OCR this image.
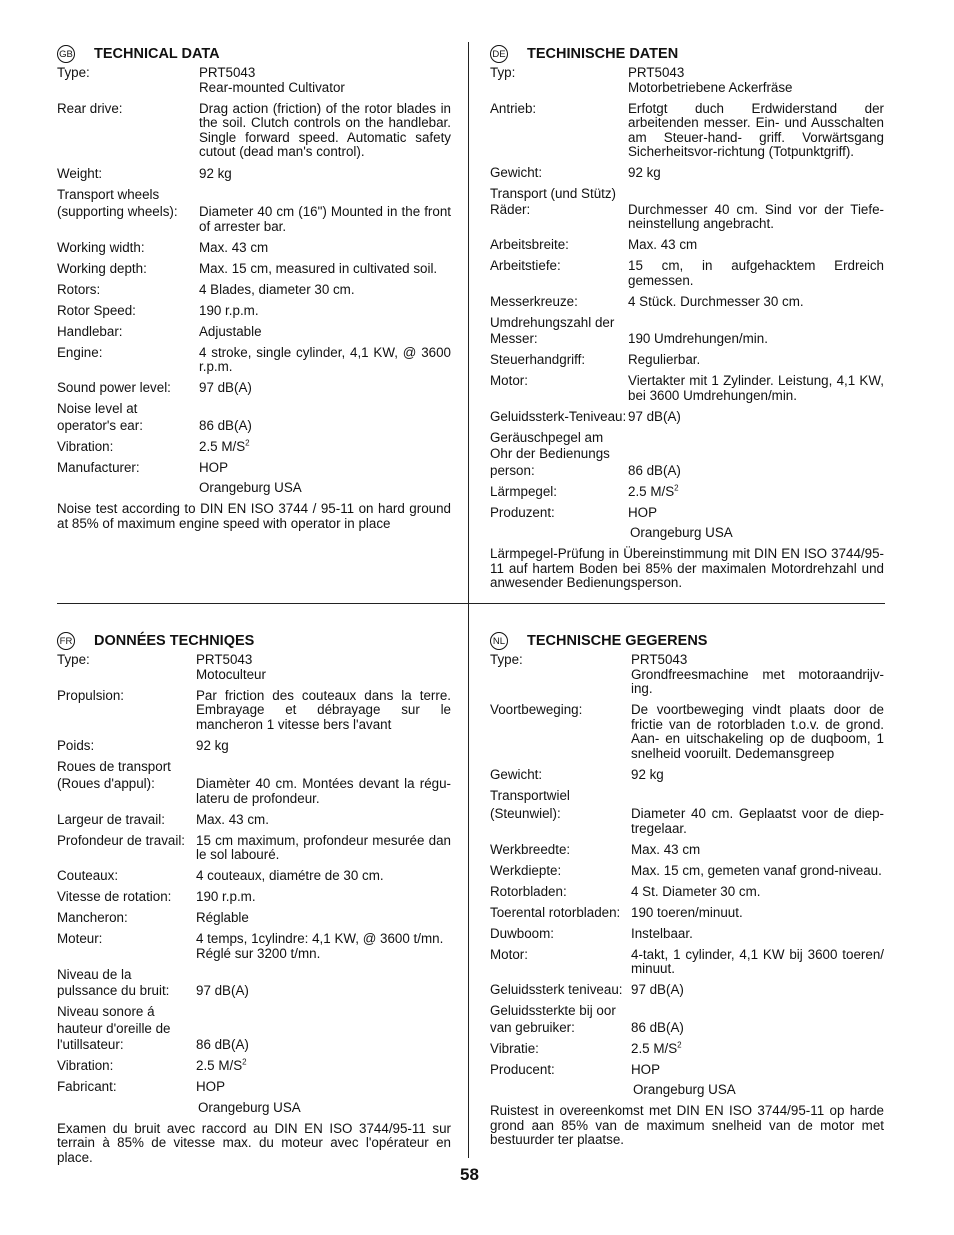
GB TECHNICAL DATA
Type:	PRT5043
Rear-mounted Cultivator
Rear drive:	Drag action (friction) of the rotor blades in the soil. Clutch controls on the handlebar. Single forward speed. Automatic safety cutout (dead man's control).
Weight:	92 kg
Transport wheels
(supporting wheels):	Diameter 40 cm (16") Mounted in the front of arrester bar.
Working width:	Max. 43 cm
Working depth:	Max. 15 cm, measured in cultivated soil.
Rotors:	4 Blades, diameter 30 cm.
Rotor Speed:	190 r.p.m.
Handlebar:	Adjustable
Engine:	4 stroke, single cylinder, 4,1 KW, @ 3600 r.p.m.
Sound power level:	97 dB(A)
Noise level at
operator's ear:	86 dB(A)
Vibration:	2.5 $M/S^2$
Manufacturer:	HOP
Orangeburg USA
Noise test according to DIN EN ISO 3744 / 95-11 on hard ground at 85% of maximum engine speed with operator in place
DE TECHINISCHE DATEN
Typ:	PRT5043
Motorbetriebene Ackerfräse
Antrieb:	Erfotgt duch Erdwiderstand der arbeitenden messer. Ein- und Ausschalten am Steuer-hand- griff. Vorwärtsgang Sicherheitsvor-richtung (Totpunktgriff).
Gewicht:	92 kg
Transport (und Stütz)
Räder:	Durchmesser 40 cm. Sind vor der Tiefe-neinstellung angebracht.
Arbeitsbreite:	Max. 43 cm
Arbeitstiefe:	15 cm, in aufgehacktem Erdreich gemessen.
Messerkreuze:	4 Stück. Durchmesser 30 cm.
Umdrehungszahl der
Messer:	190 Umdrehungen/min.
Steuerhandgriff:	Regulierbar.
Motor:	Viertakter mit 1 Zylinder. Leistung, 4,1 KW, bei 3600 Umdrehungen/min.
Geluidssterk-Teniveau: 97 dB(A)
Geräuschpegel am
Ohr der Bedienungs
person:	86 dB(A)
Lärmpegel:	2.5 $M/S^2$
Produzent:	HOP
Orangeburg USA
Lärmpegel-Prüfung in Übereinstimmung mit DIN EN ISO 3744/95-11 auf hartem Boden bei 85% der maximalen Motordrehzahl und anwesender Bedienungsperson.
FR DONNÉES TECHNIQES
Type:	PRT5043
Motoculteur
Propulsion:	Par friction des couteaux dans la terre. Embrayage et débrayage sur le mancheron 1 vitesse bers l'avant
Poids:	92 kg
Roues de transport
(Roues d'appul):	Diamèter 40 cm. Montées devant la régu-lateru de profondeur.
Largeur de travail:	Max. 43 cm.
Profondeur de travail: 15 cm maximum, profondeur mesurée dan le sol labouré.
Couteaux:	4 couteaux, diamétre de 30 cm.
Vitesse de rotation:	190 r.p.m.
Mancheron:	Réglable
Moteur:	4 temps, 1cylindre: 4,1 KW, @ 3600 t/mn.
Réglé sur 3200 t/mn.
Niveau de la
pulssance du bruit:	97 dB(A)
Niveau sonore á
hauteur d'oreille de
l'utillsateur:	86 dB(A)
Vibration:	2.5 $M/S^2$
Fabricant:	HOP
Orangeburg USA
Examen du bruit avec raccord au DIN EN ISO 3744/95-11 sur terrain à 85% de vitesse max. du moteur avec l'opérateur en place.
NL TECHNISCHE GEGERENS
Type:	PRT5043
Grondfreesmachine met motoraandrijv-ing.
Voortbeweging:	De voortbeweging vindt plaats door de frictie van de rotorbladen t.o.v. de grond. Aan- en uitschakeling op de duqboom, 1 snelheid vooruilt. Dedemansgreep
Gewicht:	92 kg
Transportwiel
(Steunwiel):	Diameter 40 cm. Geplaatst voor de diep-tregelaar.
Werkbreedte:	Max. 43 cm
Werkdiepte:	Max. 15 cm, gemeten vanaf grond-niveau.
Rotorbladen:	4 St. Diameter 30 cm.
Toerental rotorbladen: 190 toeren/minuut.
Duwboom:	Instelbaar.
Motor:	4-takt, 1 cylinder, 4,1 KW bij 3600 toeren/ minuut.
Geluidssterk teniveau: 97 dB(A)
Geluidssterkte bij oor
van gebruiker:	86 dB(A)
Vibratie:	2.5 $M/S^2$
Producent:	HOP
Orangeburg USA
Ruistest in overeenkomst met DIN EN ISO 3744/95-11 op harde grond aan 85% van de maximum snelheid van de motor met bestuurder ter plaatse.
58
